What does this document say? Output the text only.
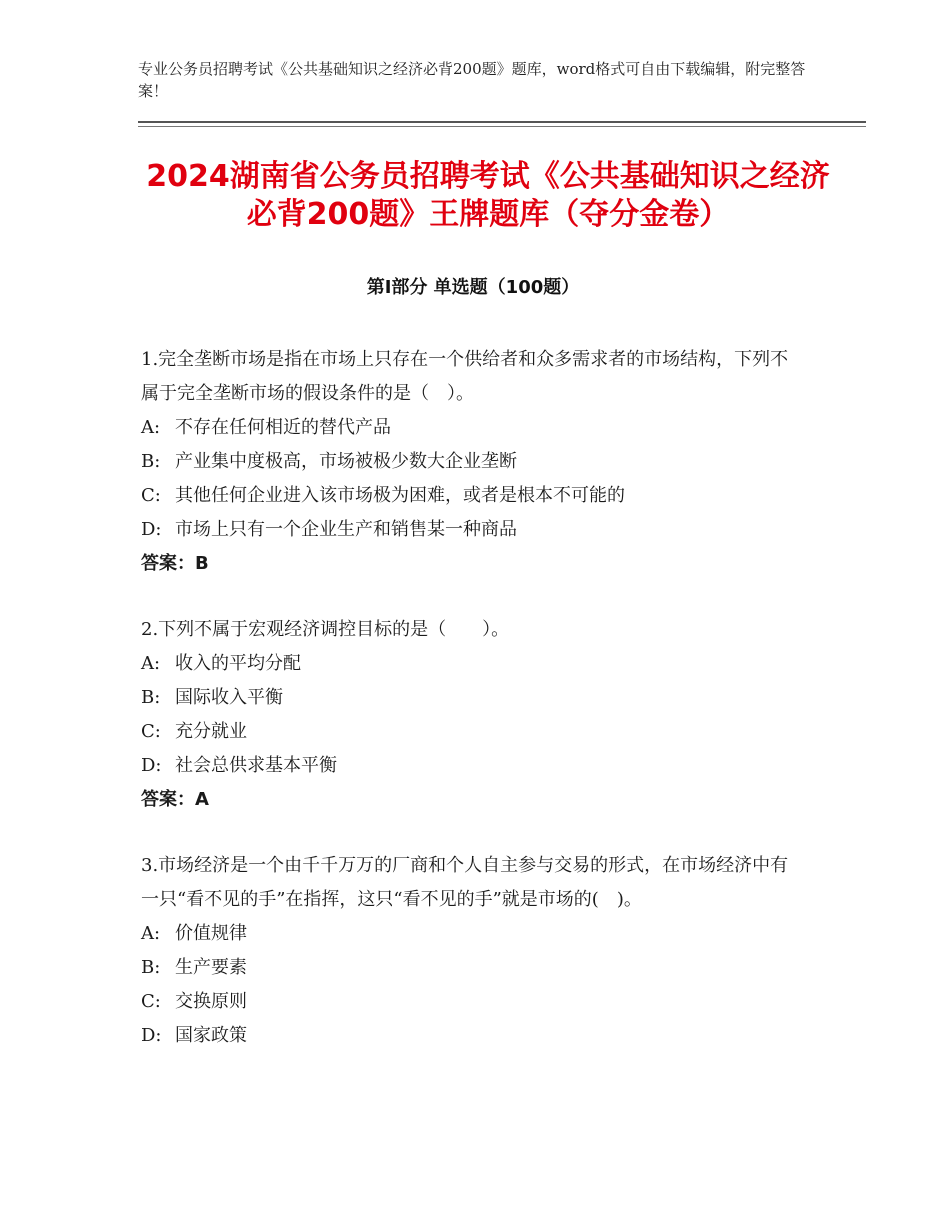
专业公务员招聘考试《公共基础知识之经济必背200题》题库，word格式可自由下载编辑，附完整答案！
2024湖南省公务员招聘考试《公共基础知识之经济必背200题》王牌题库（夺分金卷）
第Ⅰ部分 单选题（100题）

1.完全垄断市场是指在市场上只存在一个供给者和众多需求者的市场结构，下列不属于完全垄断市场的假设条件的是（　）。

A: 不存在任何相近的替代产品

B: 产业集中度极高，市场被极少数大企业垄断

C: 其他任何企业进入该市场极为困难，或者是根本不可能的

D: 市场上只有一个企业生产和销售某一种商品

答案：B

2.下列不属于宏观经济调控目标的是（　　）。

A: 收入的平均分配

B: 国际收入平衡

C: 充分就业

D: 社会总供求基本平衡

答案：A

3.市场经济是一个由千千万万的厂商和个人自主参与交易的形式，在市场经济中有一只“看不见的手”在指挥，这只“看不见的手”就是市场的(　)。

A: 价值规律

B: 生产要素

C: 交换原则

D: 国家政策
